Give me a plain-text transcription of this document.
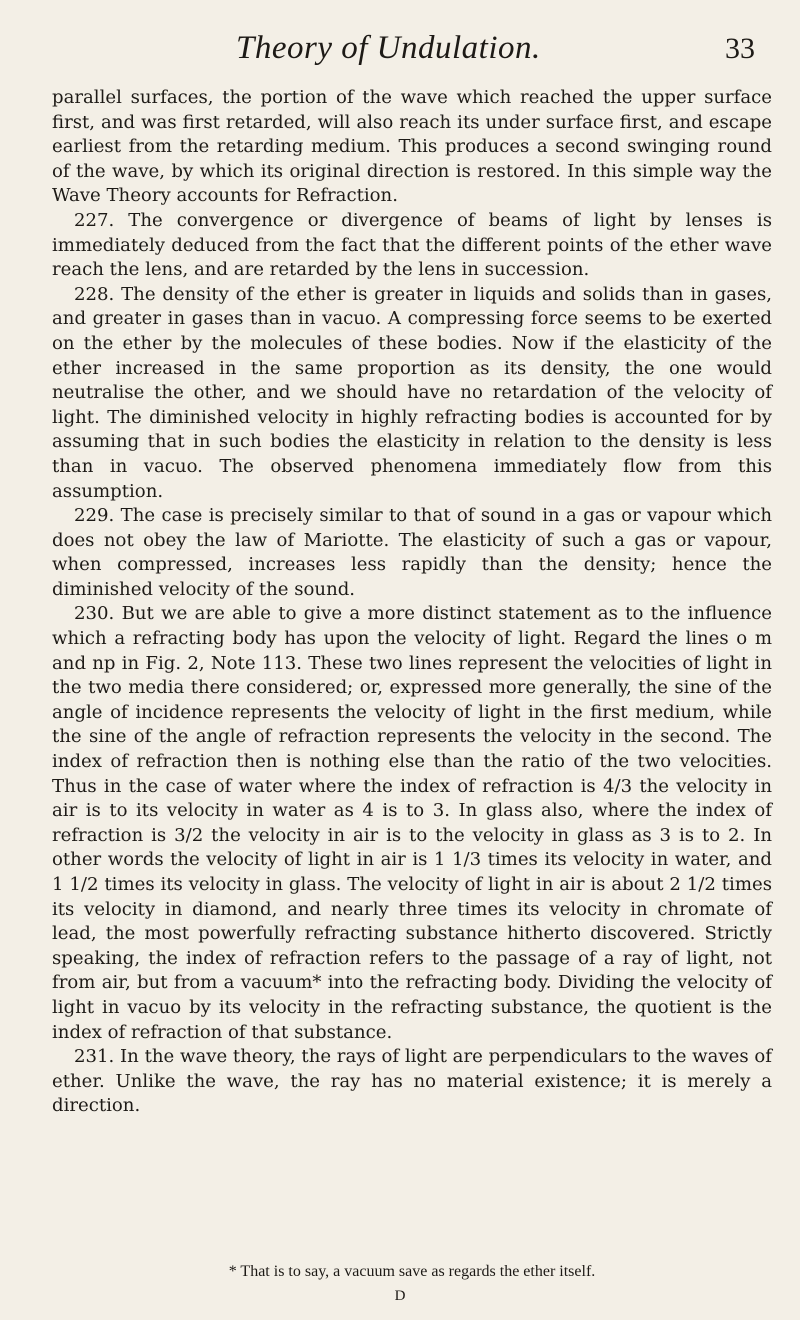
Theory of Undulation.	33

parallel surfaces, the portion of the wave which reached the upper surface first, and was first retarded, will also reach its under surface first, and escape earliest from the retarding medium. This produces a second swinging round of the wave, by which its original direction is restored. In this simple way the Wave Theory accounts for Refraction.

227. The convergence or divergence of beams of light by lenses is immediately deduced from the fact that the different points of the ether wave reach the lens, and are retarded by the lens in succession.

228. The density of the ether is greater in liquids and solids than in gases, and greater in gases than in vacuo. A compressing force seems to be exerted on the ether by the molecules of these bodies. Now if the elasticity of the ether increased in the same proportion as its density, the one would neutralise the other, and we should have no retardation of the velocity of light. The diminished velocity in highly refracting bodies is accounted for by assuming that in such bodies the elasticity in relation to the density is less than in vacuo. The observed phenomena immediately flow from this assumption.

229. The case is precisely similar to that of sound in a gas or vapour which does not obey the law of Mariotte. The elasticity of such a gas or vapour, when compressed, increases less rapidly than the density; hence the diminished velocity of the sound.

230. But we are able to give a more distinct statement as to the influence which a refracting body has upon the velocity of light. Regard the lines o m and np in Fig. 2, Note 113. These two lines represent the velocities of light in the two media there considered; or, expressed more generally, the sine of the angle of incidence represents the velocity of light in the first medium, while the sine of the angle of refraction represents the velocity in the second. The index of refraction then is nothing else than the ratio of the two velocities. Thus in the case of water where the index of refraction is 4/3 the velocity in air is to its velocity in water as 4 is to 3. In glass also, where the index of refraction is 3/2 the velocity in air is to the velocity in glass as 3 is to 2. In other words the velocity of light in air is 1 1/3 times its velocity in water, and 1 1/2 times its velocity in glass. The velocity of light in air is about 2 1/2 times its velocity in diamond, and nearly three times its velocity in chromate of lead, the most powerfully refracting substance hitherto discovered. Strictly speaking, the index of refraction refers to the passage of a ray of light, not from air, but from a vacuum* into the refracting body. Dividing the velocity of light in vacuo by its velocity in the refracting substance, the quotient is the index of refraction of that substance.

231. In the wave theory, the rays of light are perpendiculars to the waves of ether. Unlike the wave, the ray has no material existence; it is merely a direction.

* That is to say, a vacuum save as regards the ether itself.
D
